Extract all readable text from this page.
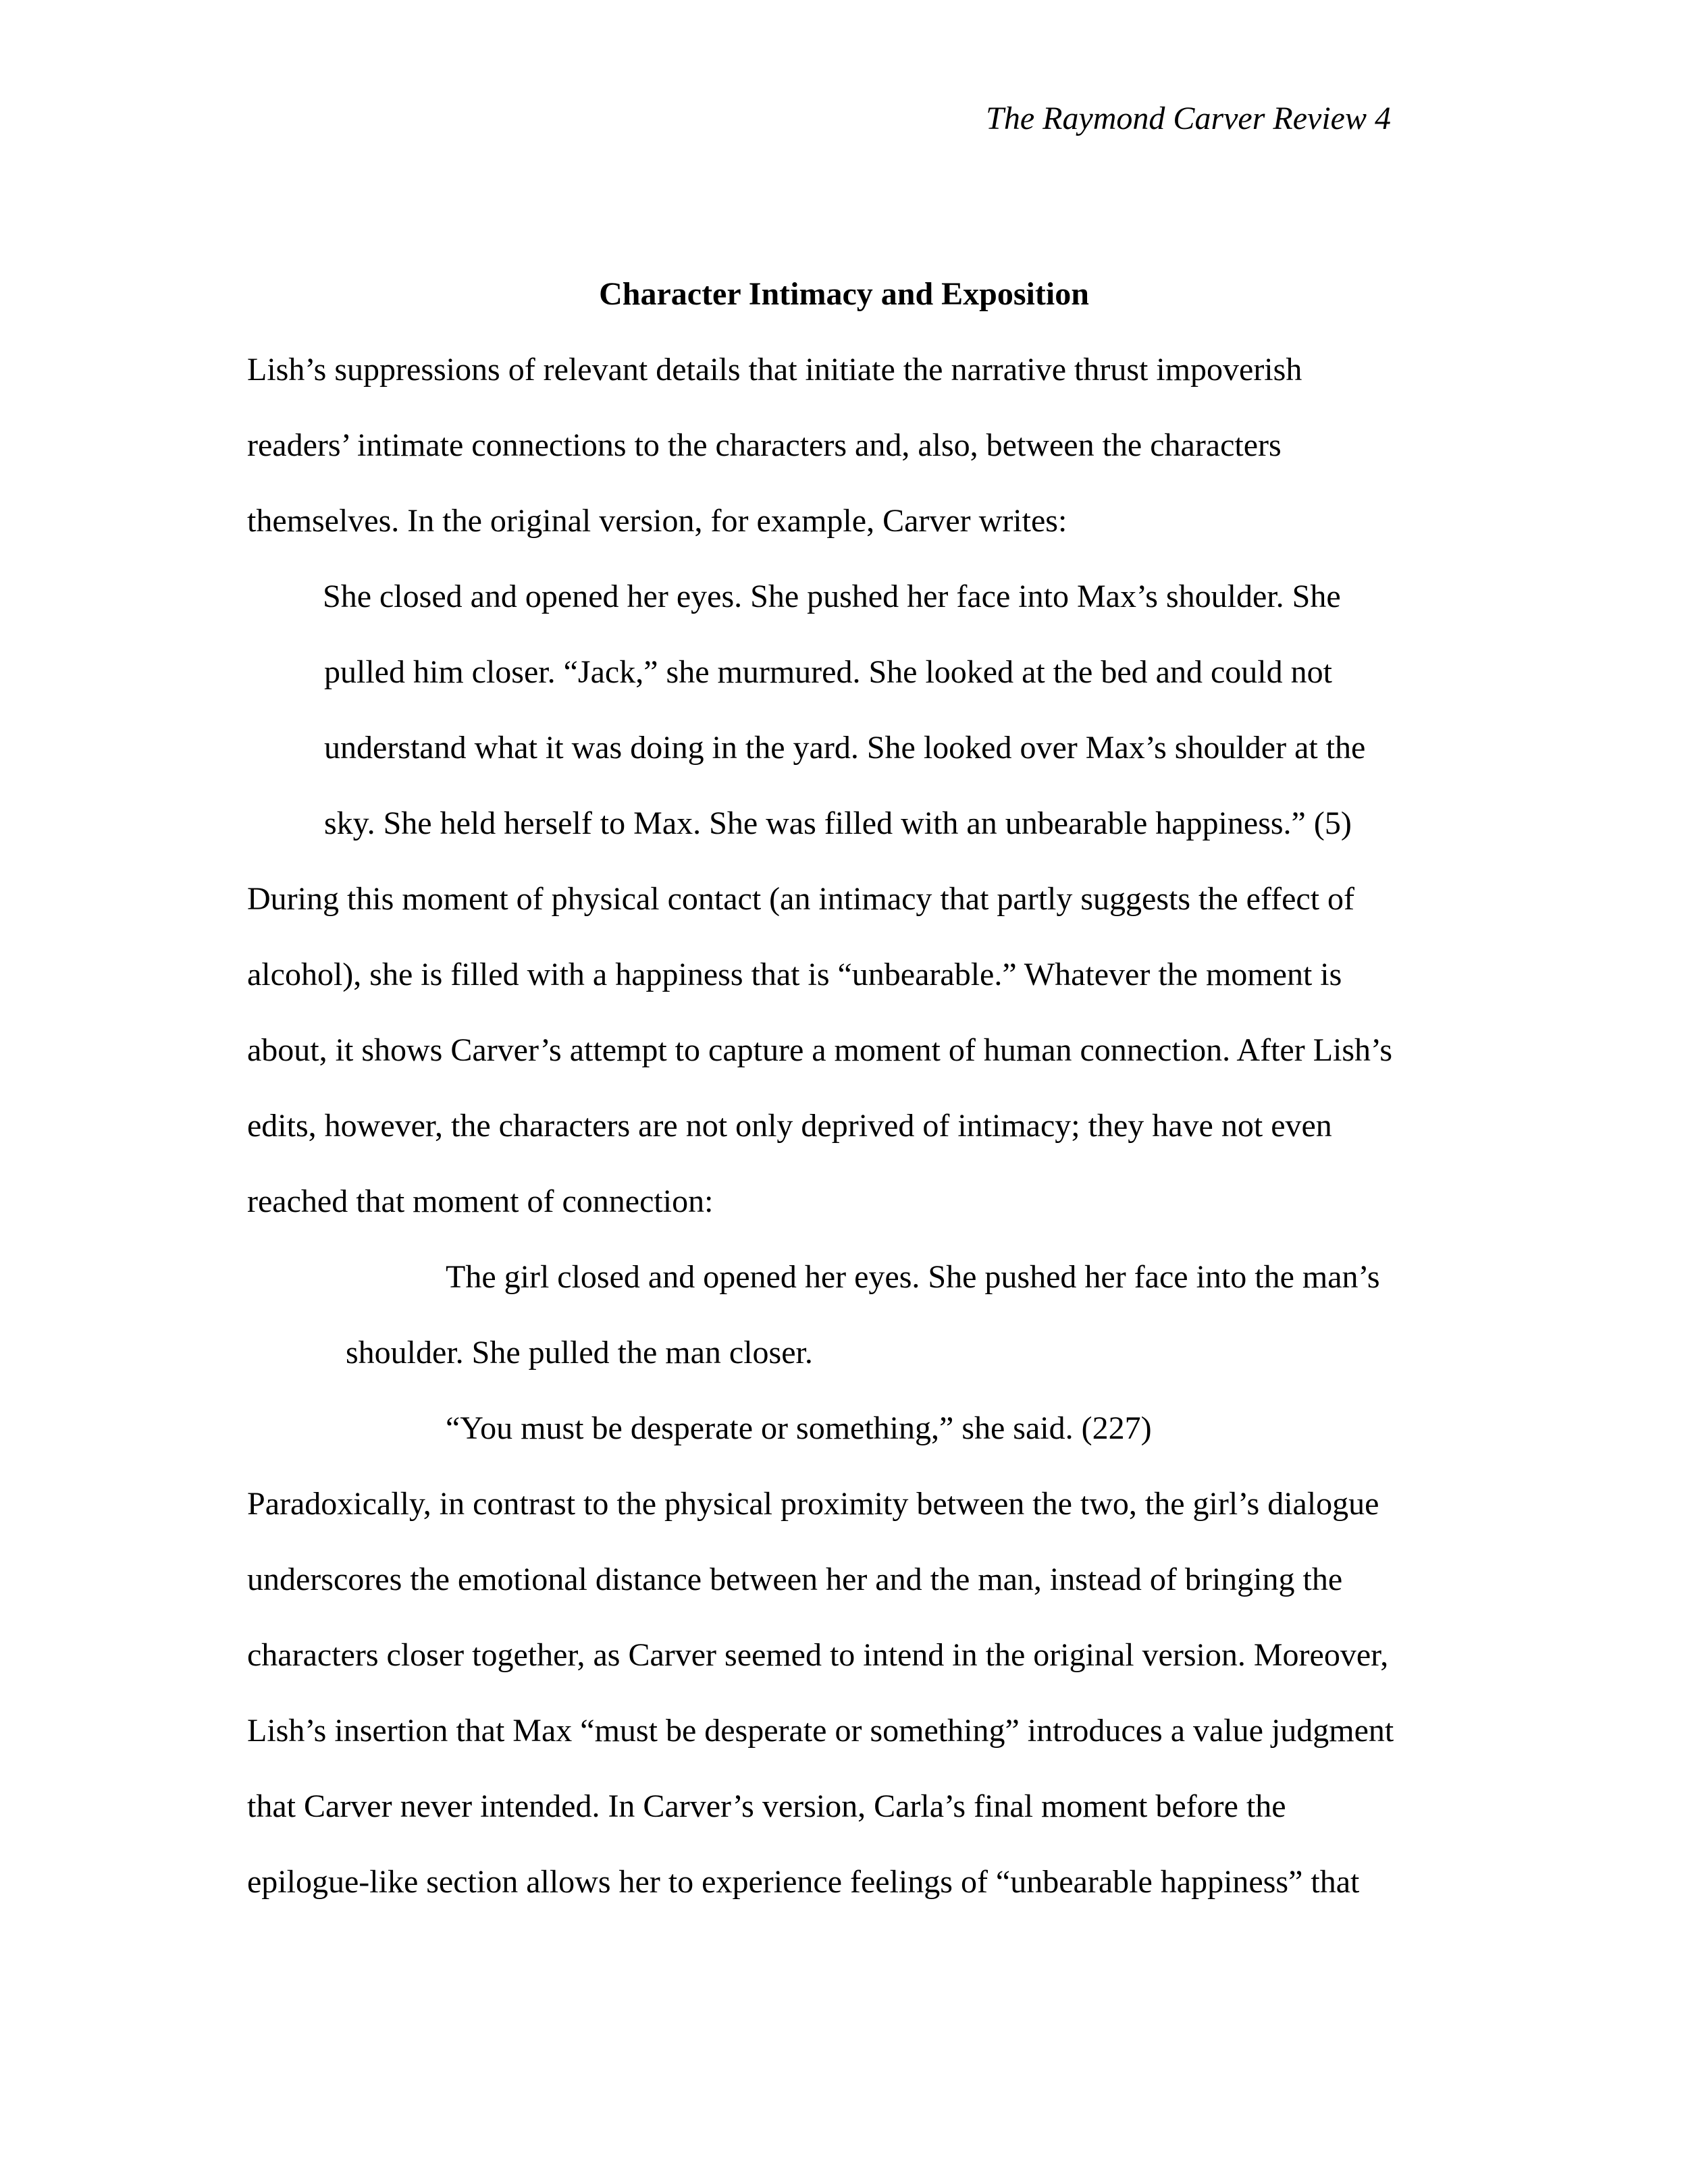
The Raymond Carver Review 4
Character Intimacy and Exposition
Lish’s suppressions of relevant details that initiate the narrative thrust impoverish
readers’ intimate connections to the characters and, also, between the characters
themselves. In the original version, for example, Carver writes:
She closed and opened her eyes. She pushed her face into Max’s shoulder. She
pulled him closer. “Jack,” she murmured. She looked at the bed and could not
understand what it was doing in the yard. She looked over Max’s shoulder at the
sky. She held herself to Max. She was filled with an unbearable happiness.” (5)
During this moment of physical contact (an intimacy that partly suggests the effect of
alcohol), she is filled with a happiness that is “unbearable.” Whatever the moment is
about, it shows Carver’s attempt to capture a moment of human connection. After Lish’s
edits, however, the characters are not only deprived of intimacy; they have not even
reached that moment of connection:
The girl closed and opened her eyes. She pushed her face into the man’s
shoulder. She pulled the man closer.
“You must be desperate or something,” she said. (227)
Paradoxically, in contrast to the physical proximity between the two, the girl’s dialogue
underscores the emotional distance between her and the man, instead of bringing the
characters closer together, as Carver seemed to intend in the original version. Moreover,
Lish’s insertion that Max “must be desperate or something” introduces a value judgment
that Carver never intended. In Carver’s version, Carla’s final moment before the
epilogue-like section allows her to experience feelings of “unbearable happiness” that
